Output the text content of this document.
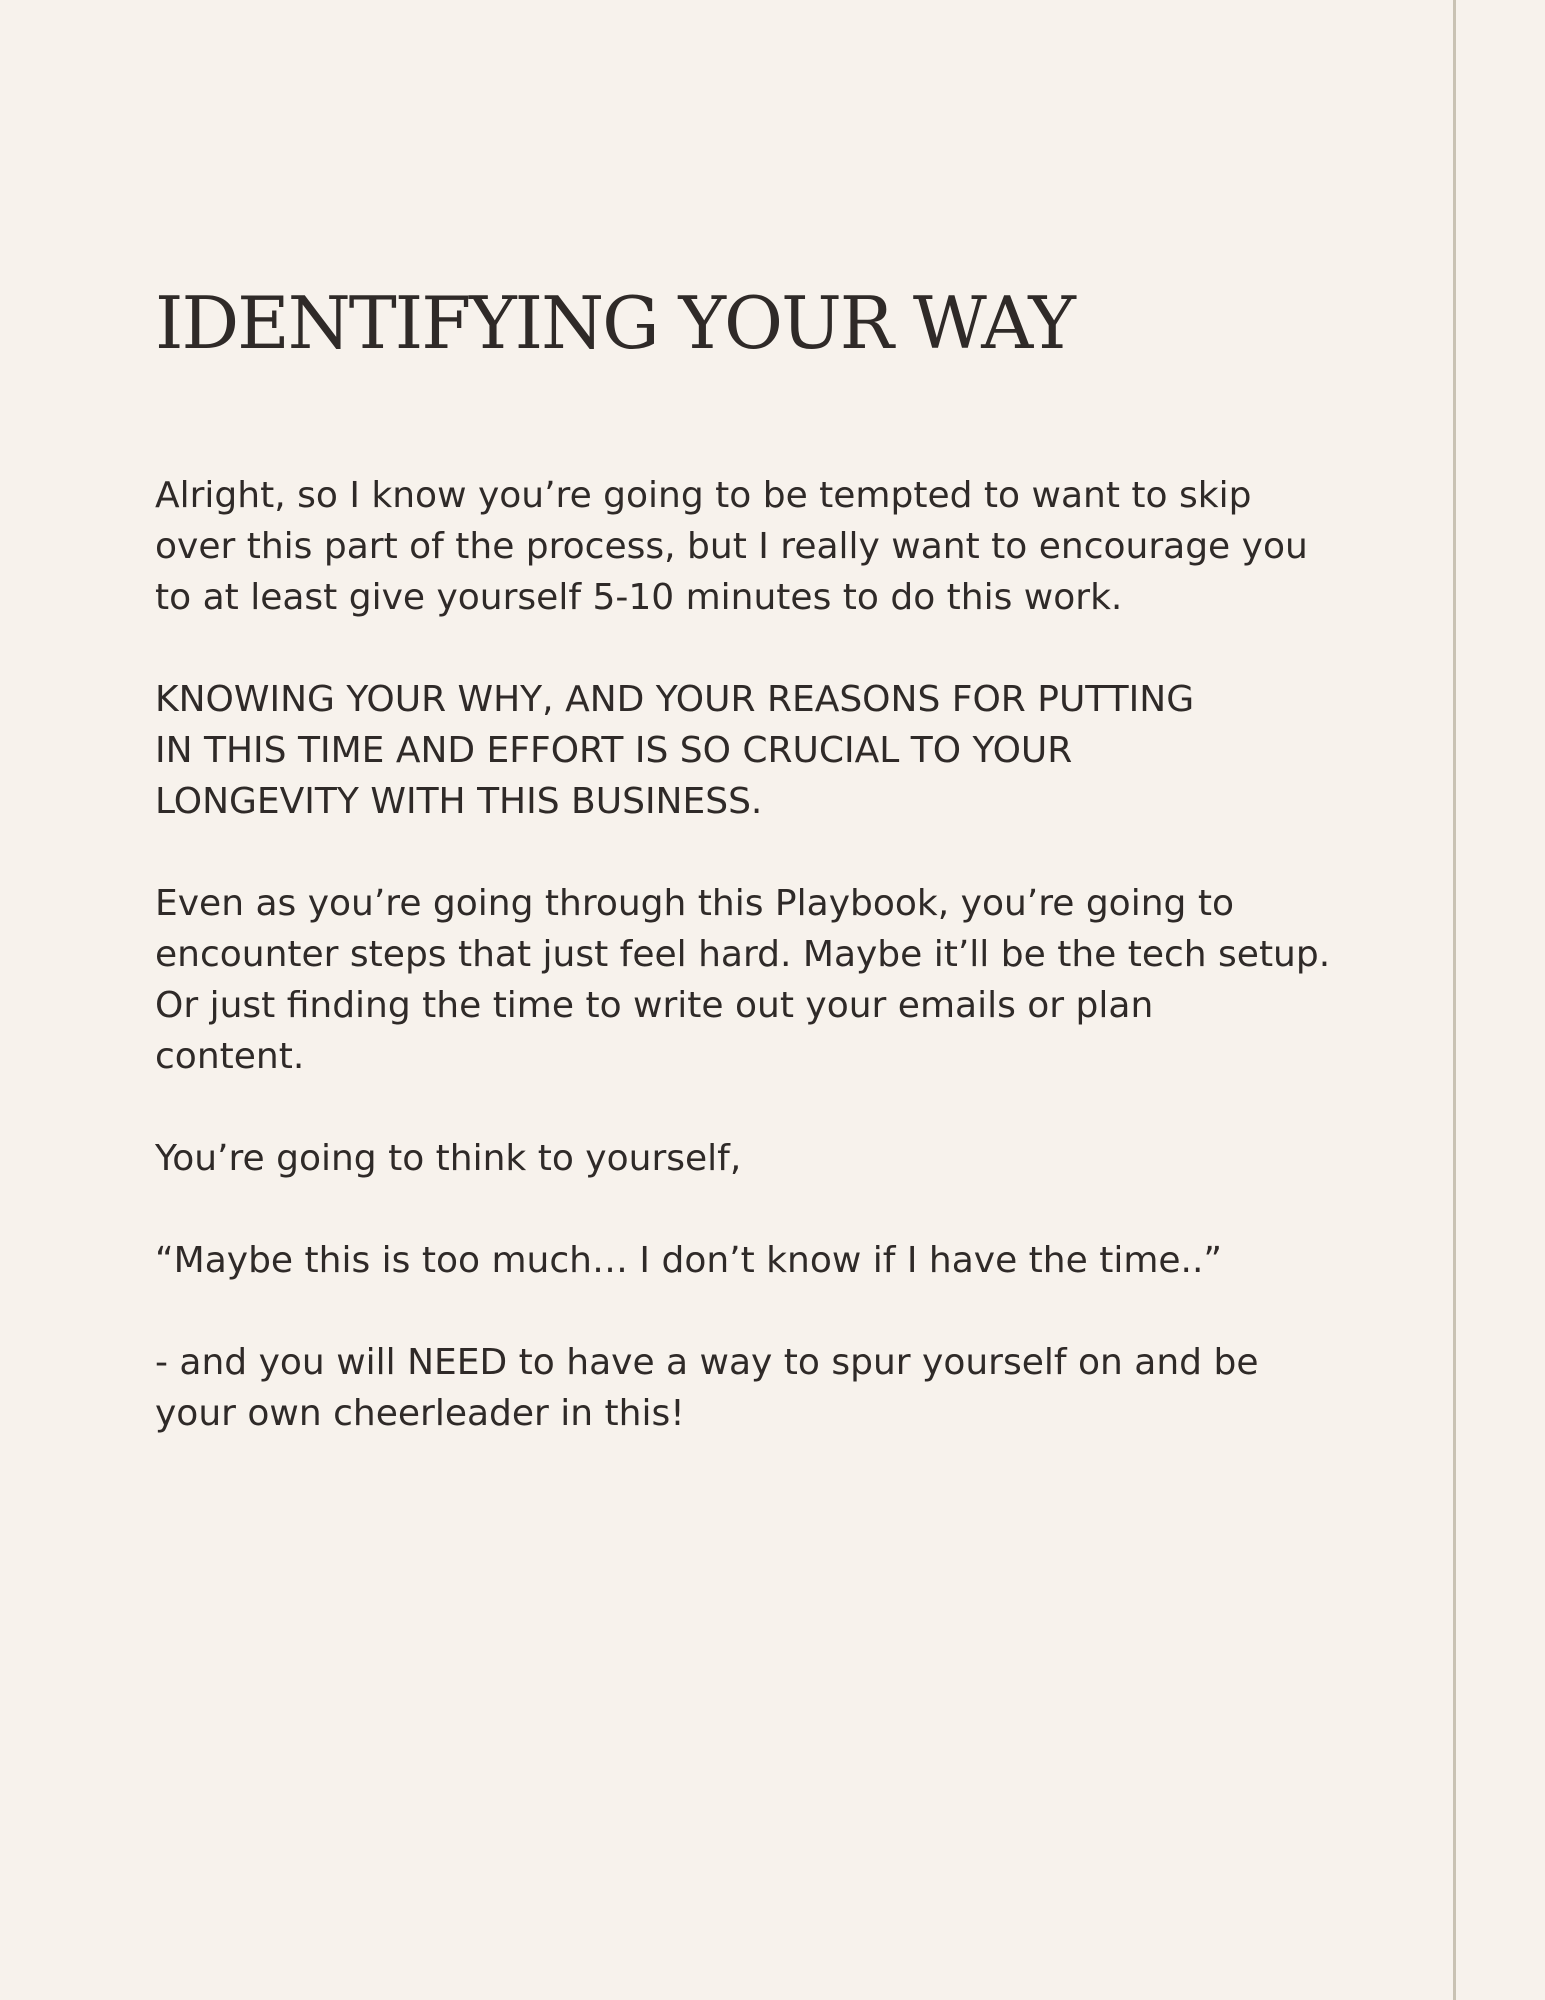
IDENTIFYING YOUR WAY

Alright, so I know you’re going to be tempted to want to skip
over this part of the process, but I really want to encourage you
to at least give yourself 5-10 minutes to do this work.

KNOWING YOUR WHY, AND YOUR REASONS FOR PUTTING
IN THIS TIME AND EFFORT IS SO CRUCIAL TO YOUR
LONGEVITY WITH THIS BUSINESS.

Even as you’re going through this Playbook, you’re going to
encounter steps that just feel hard. Maybe it’ll be the tech setup.
Or just finding the time to write out your emails or plan
content.

You’re going to think to yourself,

“Maybe this is too much… I don’t know if I have the time..”

- and you will NEED to have a way to spur yourself on and be
your own cheerleader in this!
